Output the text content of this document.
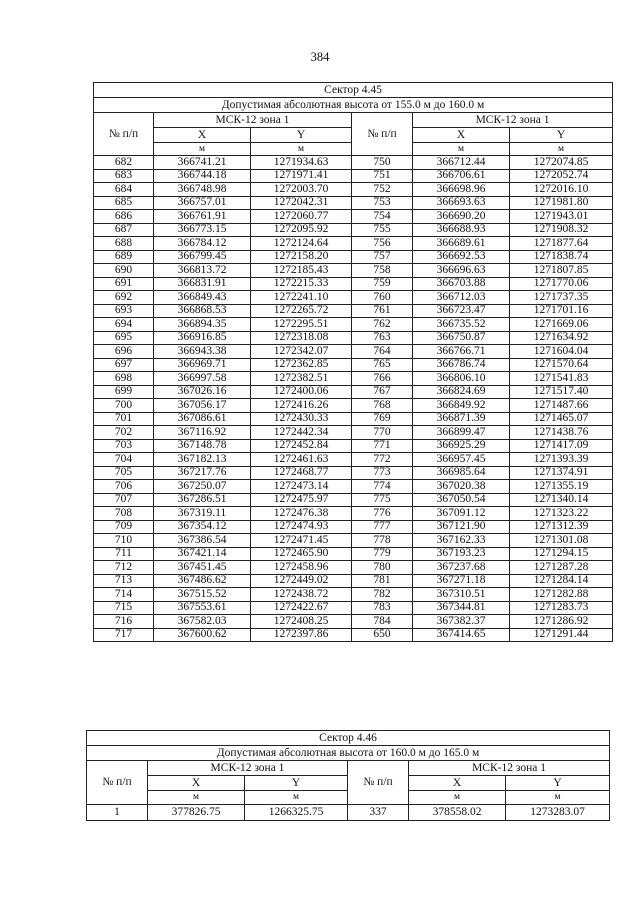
384
Сектор 4.45					
Допустимая абсолютная высота от 155.0 м до 160.0 м					
№ п/п	МСК-12 зона 1		№ п/п	МСК-12 зона 1	
	X	Y		X	Y
	м	м		м	м
682	366741.21	1271934.63	750	366712.44	1272074.85
683	366744.18	1271971.41	751	366706.61	1272052.74
684	366748.98	1272003.70	752	366698.96	1272016.10
685	366757.01	1272042.31	753	366693.63	1271981.80
686	366761.91	1272060.77	754	366690.20	1271943.01
687	366773.15	1272095.92	755	366688.93	1271908.32
688	366784.12	1272124.64	756	366689.61	1271877.64
689	366799.45	1272158.20	757	366692.53	1271838.74
690	366813.72	1272185.43	758	366696.63	1271807.85
691	366831.91	1272215.33	759	366703.88	1271770.06
692	366849.43	1272241.10	760	366712.03	1271737.35
693	366868.53	1272265.72	761	366723.47	1271701.16
694	366894.35	1272295.51	762	366735.52	1271669.06
695	366916.85	1272318.08	763	366750.87	1271634.92
696	366943.38	1272342.07	764	366766.71	1271604.04
697	366969.71	1272362.85	765	366786.74	1271570.64
698	366997.58	1272382.51	766	366806.10	1271541.83
699	367026.16	1272400.06	767	366824.69	1271517.40
700	367056.17	1272416.26	768	366849.92	1271487.66
701	367086.61	1272430.33	769	366871.39	1271465.07
702	367116.92	1272442.34	770	366899.47	1271438.76
703	367148.78	1272452.84	771	366925.29	1271417.09
704	367182.13	1272461.63	772	366957.45	1271393.39
705	367217.76	1272468.77	773	366985.64	1271374.91
706	367250.07	1272473.14	774	367020.38	1271355.19
707	367286.51	1272475.97	775	367050.54	1271340.14
708	367319.11	1272476.38	776	367091.12	1271323.22
709	367354.12	1272474.93	777	367121.90	1271312.39
710	367386.54	1272471.45	778	367162.33	1271301.08
711	367421.14	1272465.90	779	367193.23	1271294.15
712	367451.45	1272458.96	780	367237.68	1271287.28
713	367486.62	1272449.02	781	367271.18	1271284.14
714	367515.52	1272438.72	782	367310.51	1271282.88
715	367553.61	1272422.67	783	367344.81	1271283.73
716	367582.03	1272408.25	784	367382.37	1271286.92
717	367600.62	1272397.86	650	367414.65	1271291.44
Сектор 4.46					
Допустимая абсолютная высота от 160.0 м до 165.0 м					
№ п/п	МСК-12 зона 1		№ п/п	МСК-12 зона 1	
	X	Y		X	Y
	м	м		м	м
1	377826.75	1266325.75	337	378558.02	1273283.07
